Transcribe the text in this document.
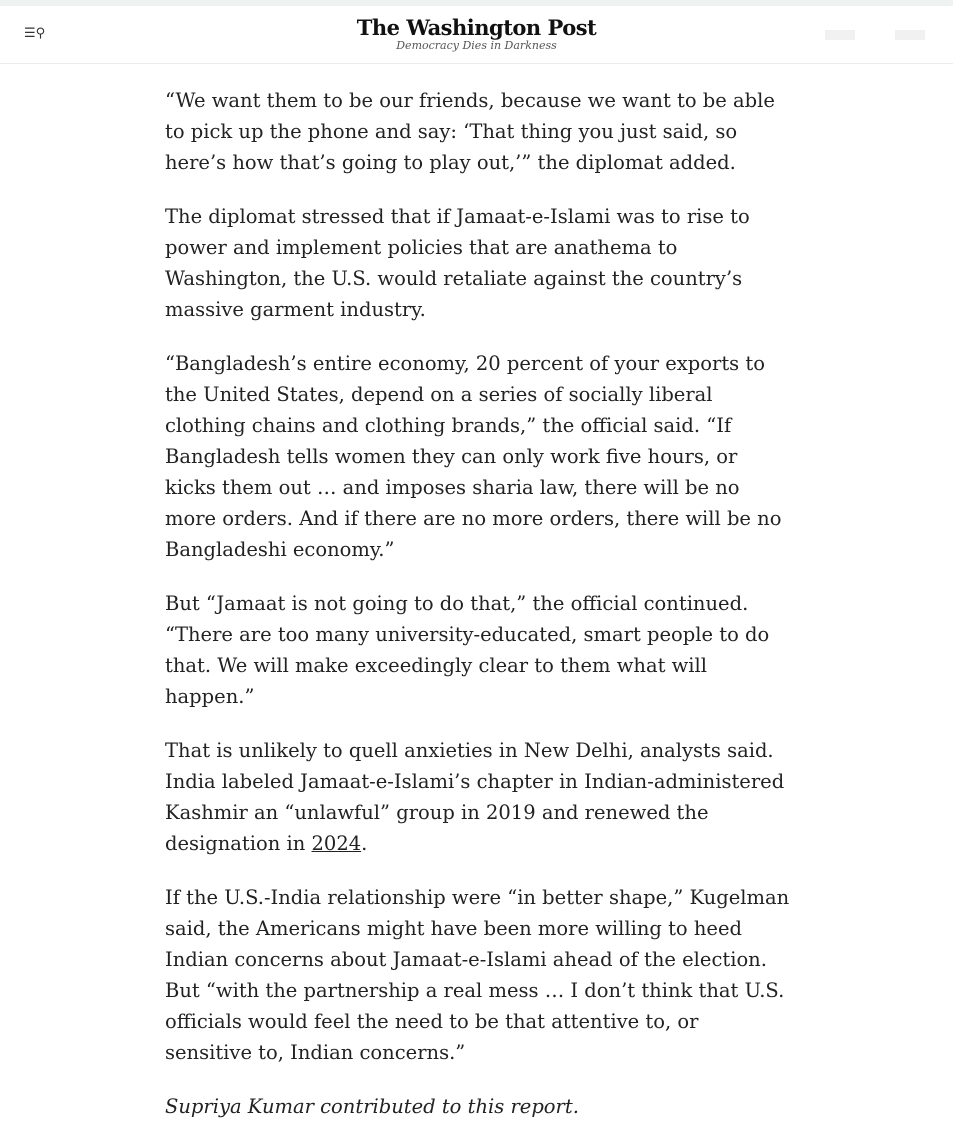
☰⚲	The Washington Post
Democracy Dies in Darkness

“We want them to be our friends, because we want to be able to pick up the phone and say: ‘That thing you just said, so here’s how that’s going to play out,’” the diplomat added.

The diplomat stressed that if Jamaat-e-Islami was to rise to power and implement policies that are anathema to Washington, the U.S. would retaliate against the country’s massive garment industry.

“Bangladesh’s entire economy, 20 percent of your exports to the United States, depend on a series of socially liberal clothing chains and clothing brands,” the official said. “If Bangladesh tells women they can only work five hours, or kicks them out … and imposes sharia law, there will be no more orders. And if there are no more orders, there will be no Bangladeshi economy.”

But “Jamaat is not going to do that,” the official continued. “There are too many university-educated, smart people to do that. We will make exceedingly clear to them what will happen.”

That is unlikely to quell anxieties in New Delhi, analysts said. India labeled Jamaat-e-Islami’s chapter in Indian-administered Kashmir an “unlawful” group in 2019 and renewed the designation in 2024.

If the U.S.-India relationship were “in better shape,” Kugelman said, the Americans might have been more willing to heed Indian concerns about Jamaat-e-Islami ahead of the election. But “with the partnership a real mess … I don’t think that U.S. officials would feel the need to be that attentive to, or sensitive to, Indian concerns.”

Supriya Kumar contributed to this report.
